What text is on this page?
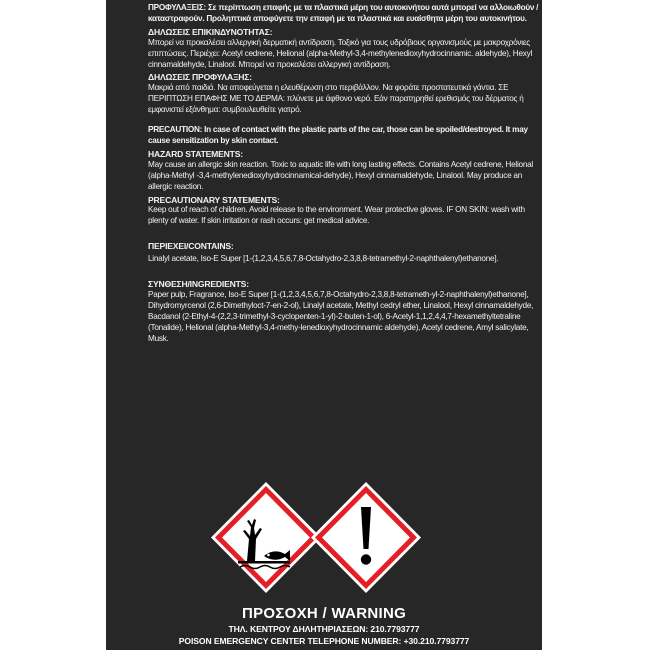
ΠΡΟΦΥΛΑΞΕΙΣ: Σε περίπτωση επαφής με τα πλαστικά μέρη του αυτοκινήτου αυτά μπορεί να αλλοιωθούν / καταστραφούν. Προληπτικά αποφύγετε την επαφή με τα πλαστικά και ευαίσθητα μέρη του αυτοκινήτου.

ΔΗΛΩΣΕΙΣ ΕΠΙΚΙΝΔΥΝΟΤΗΤΑΣ:

Μπορεί να προκαλέσει αλλεργική δερματική αντίδραση. Τοξικό για τους υδρόβιους οργανισμούς με μακροχρόνιες επιπτώσεις. Περιέχει: Acetyl cedrene, Helional (alpha-Methyl-3,4-methylenedioxyhydrocinnamic. aldehyde), Hexyl cinnamaldehyde, Linalool. Μπορεί να προκαλέσει αλλεργική αντίδραση.

ΔΗΛΩΣΕΙΣ ΠΡΟΦΥΛΑΞΗΣ:

Μακριά από παιδιά. Να αποφεύγεται η ελευθέρωση στο περιβάλλον. Να φοράτε προστατευτικά γάντια. ΣΕ ΠΕΡΙΠΤΩΣΗ ΕΠΑΦΗΣ ΜΕ ΤΟ ΔΕΡΜΑ: πλύνετε με άφθονο νερό. Εάν παρατηρηθεί ερεθισμός του δέρματος ή εμφανιστεί εξάνθημα: συμβουλευθείτε γιατρό.

PRECAUTION: In case of contact with the plastic parts of the car, those can be spoiled/destroyed. It may cause sensitization by skin contact.

HAZARD STATEMENTS:

May cause an allergic skin reaction. Toxic to aquatic life with long lasting effects. Contains Acetyl cedrene, Helional (alpha-Methyl -3,4-methylenedioxyhydrocinnamical-dehyde), Hexyl cinnamaldehyde, Linalool. May produce an allergic reaction.

PRECAUTIONARY STATEMENTS:

Keep out of reach of children. Avoid release to the environment. Wear protective gloves. IF ON SKIN: wash with plenty of water. If skin irritation or rash occurs: get medical advice.

ΠΕΡΙΕΧΕΙ/CONTAINS:

Linalyl acetate, Iso-E Super [1-(1,2,3,4,5,6,7,8-Octahydro-2,3,8,8-tetramethyl-2-naphthalenyl)ethanone].

ΣΥΝΘΕΣΗ/INGREDIENTS:

Paper pulp, Fragrance, Iso-E Super [1-(1,2,3,4,5,6,7,8-Octahydro-2,3,8,8-tetrameth-yl-2-naphthalenyl)ethanone], Dihydromyrcenol (2,6-Dimethyloct-7-en-2-ol), Linalyl acetate, Methyl cedryl ether, Linalool, Hexyl cinnamaldehyde, Bacdanol (2-Ethyl-4-(2,2,3-trimethyl-3-cyclopenten-1-yl)-2-buten-1-ol), 6-Acetyl-1,1,2,4,4,7-hexamethyltetraline (Tonalide), Helional (alpha-Methyl-3,4-methy-lenedioxyhydrocinnamic aldehyde), Acetyl cedrene, Amyl salicylate, Musk.

ΠΡΟΣΟΧΗ / WARNING
ΤΗΛ. ΚΕΝΤΡΟΥ ΔΗΛΗΤΗΡΙΑΣΕΩΝ: 210.7793777
POISON EMERGENCY CENTER TELEPHONE NUMBER: +30.210.7793777
